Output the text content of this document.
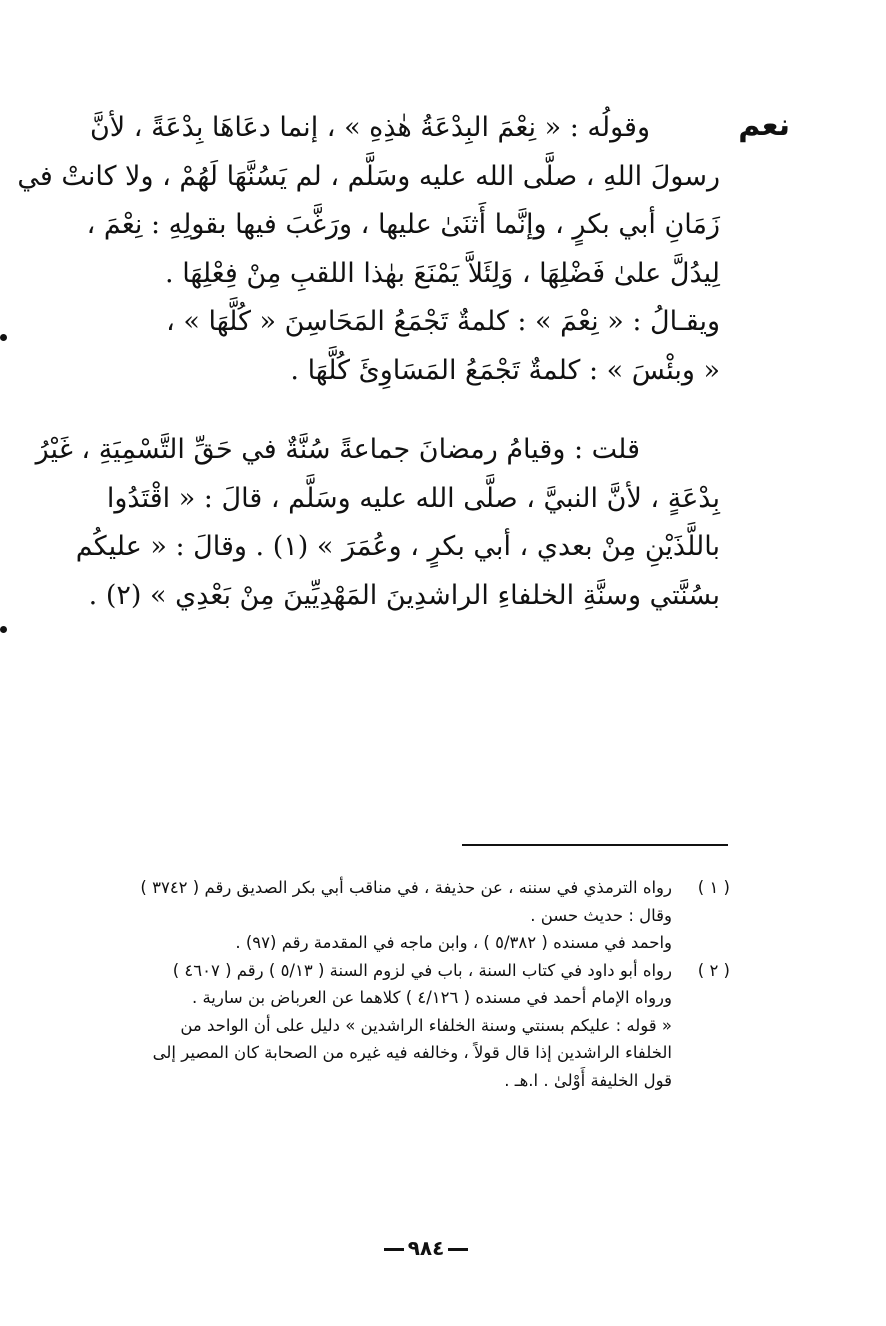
نعم
وقولُه : « نِعْمَ البِدْعَةُ هٰذِهِ » ، إنما دعَاهَا بِدْعَةً ، لأنَّ
رسولَ اللهِ ، صلَّى الله عليه وسَلَّم ، لم يَسُنَّهَا لَهُمْ ، ولا كانتْ في
زَمَانِ أبي بكرٍ ، وإنَّما أَثنَىٰ عليها ، ورَغَّبَ فيها بقولِهِ : نِعْمَ ،
لِيدُلَّ علىٰ فَضْلِهَا ، وَلِئَلاَّ يَمْنَعَ بهٰذا اللقبِ مِنْ فِعْلِهَا .
ويقـالُ : « نِعْمَ » : كلمةٌ تَجْمَعُ المَحَاسِنَ « كُلَّهَا » ،
« وبئْسَ » : كلمةٌ تَجْمَعُ المَسَاوِئَ كُلَّهَا .
قلت : وقيامُ رمضانَ جماعةً سُنَّةٌ في حَقِّ التَّسْمِيَةِ ، غَيْرُ
بِدْعَةٍ ، لأنَّ النبيَّ ، صلَّى الله عليه وسَلَّم ، قالَ : « اقْتَدُوا
باللَّذَيْنِ مِنْ بعدي ، أبي بكرٍ ، وعُمَرَ » (١) . وقالَ : « عليكُم
بسُنَّتي وسنَّةِ الخلفاءِ الراشدِينَ المَهْدِيِّينَ مِنْ بَعْدِي » (٢) .
( ١ )
رواه الترمذي في سننه ، عن حذيفة ، في مناقب أبي بكر الصديق رقم ( ٣٧٤٢ )
وقال : حديث حسن .
واحمد في مسنده ( ٥/٣٨٢ ) ، وابن ماجه في المقدمة رقم (٩٧) .
( ٢ )
رواه أبو داود في كتاب السنة ، باب في لزوم السنة ( ٥/١٣ ) رقم ( ٤٦٠٧ )
ورواه الإمام أحمد في مسنده ( ٤/١٢٦ ) كلاهما عن العرباض بن سارية .
« قوله : عليكم بسنتي وسنة الخلفاء الراشدين » دليل على أن الواحد من
الخلفاء الراشدين إذا قال قولاً ، وخالفه فيه غيره من الصحابة كان المصير إلى
قول الخليفة أَوْلىٰ . ا.هـ .
٩٨٤
